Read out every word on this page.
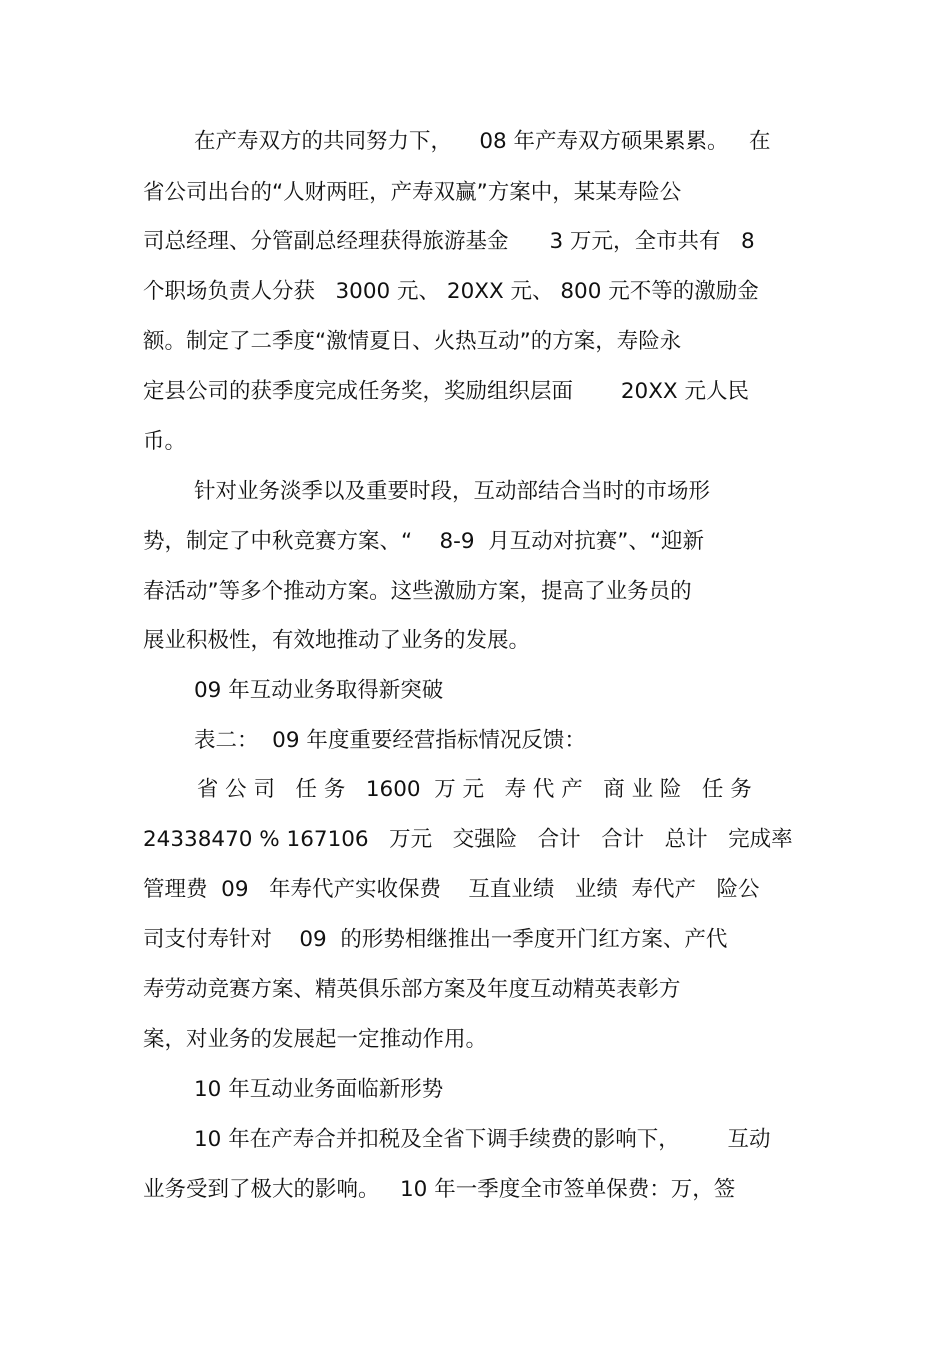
在产寿双方的共同努力下，    08 年产寿双方硕果累累。   在
省公司出台的“人财两旺，产寿双赢”方案中，某某寿险公
司总经理、分管副总经理获得旅游基金      3 万元，全市共有   8
个职场负责人分获   3000 元、 20XX 元、 800 元不等的激励金
额。制定了二季度“激情夏日、火热互动”的方案，寿险永
定县公司的获季度完成任务奖，奖励组织层面       20XX 元人民
币。
针对业务淡季以及重要时段，互动部结合当时的市场形
势，制定了中秋竞赛方案、“    8-9  月互动对抗赛”、“迎新
春活动”等多个推动方案。这些激励方案，提高了业务员的
展业积极性，有效地推动了业务的发展。
09 年互动业务取得新突破
表二：  09 年度重要经营指标情况反馈：
省 公 司   任 务   1600  万 元   寿 代 产   商 业 险   任 务
24338470 % 167106   万元   交强险   合计   合计   总计   完成率
管理费  09   年寿代产实收保费    互直业绩   业绩  寿代产   险公
司支付寿针对    09  的形势相继推出一季度开门红方案、产代
寿劳动竞赛方案、精英俱乐部方案及年度互动精英表彰方
案，对业务的发展起一定推动作用。
10 年互动业务面临新形势
10 年在产寿合并扣税及全省下调手续费的影响下，       互动
业务受到了极大的影响。   10 年一季度全市签单保费：万，签
